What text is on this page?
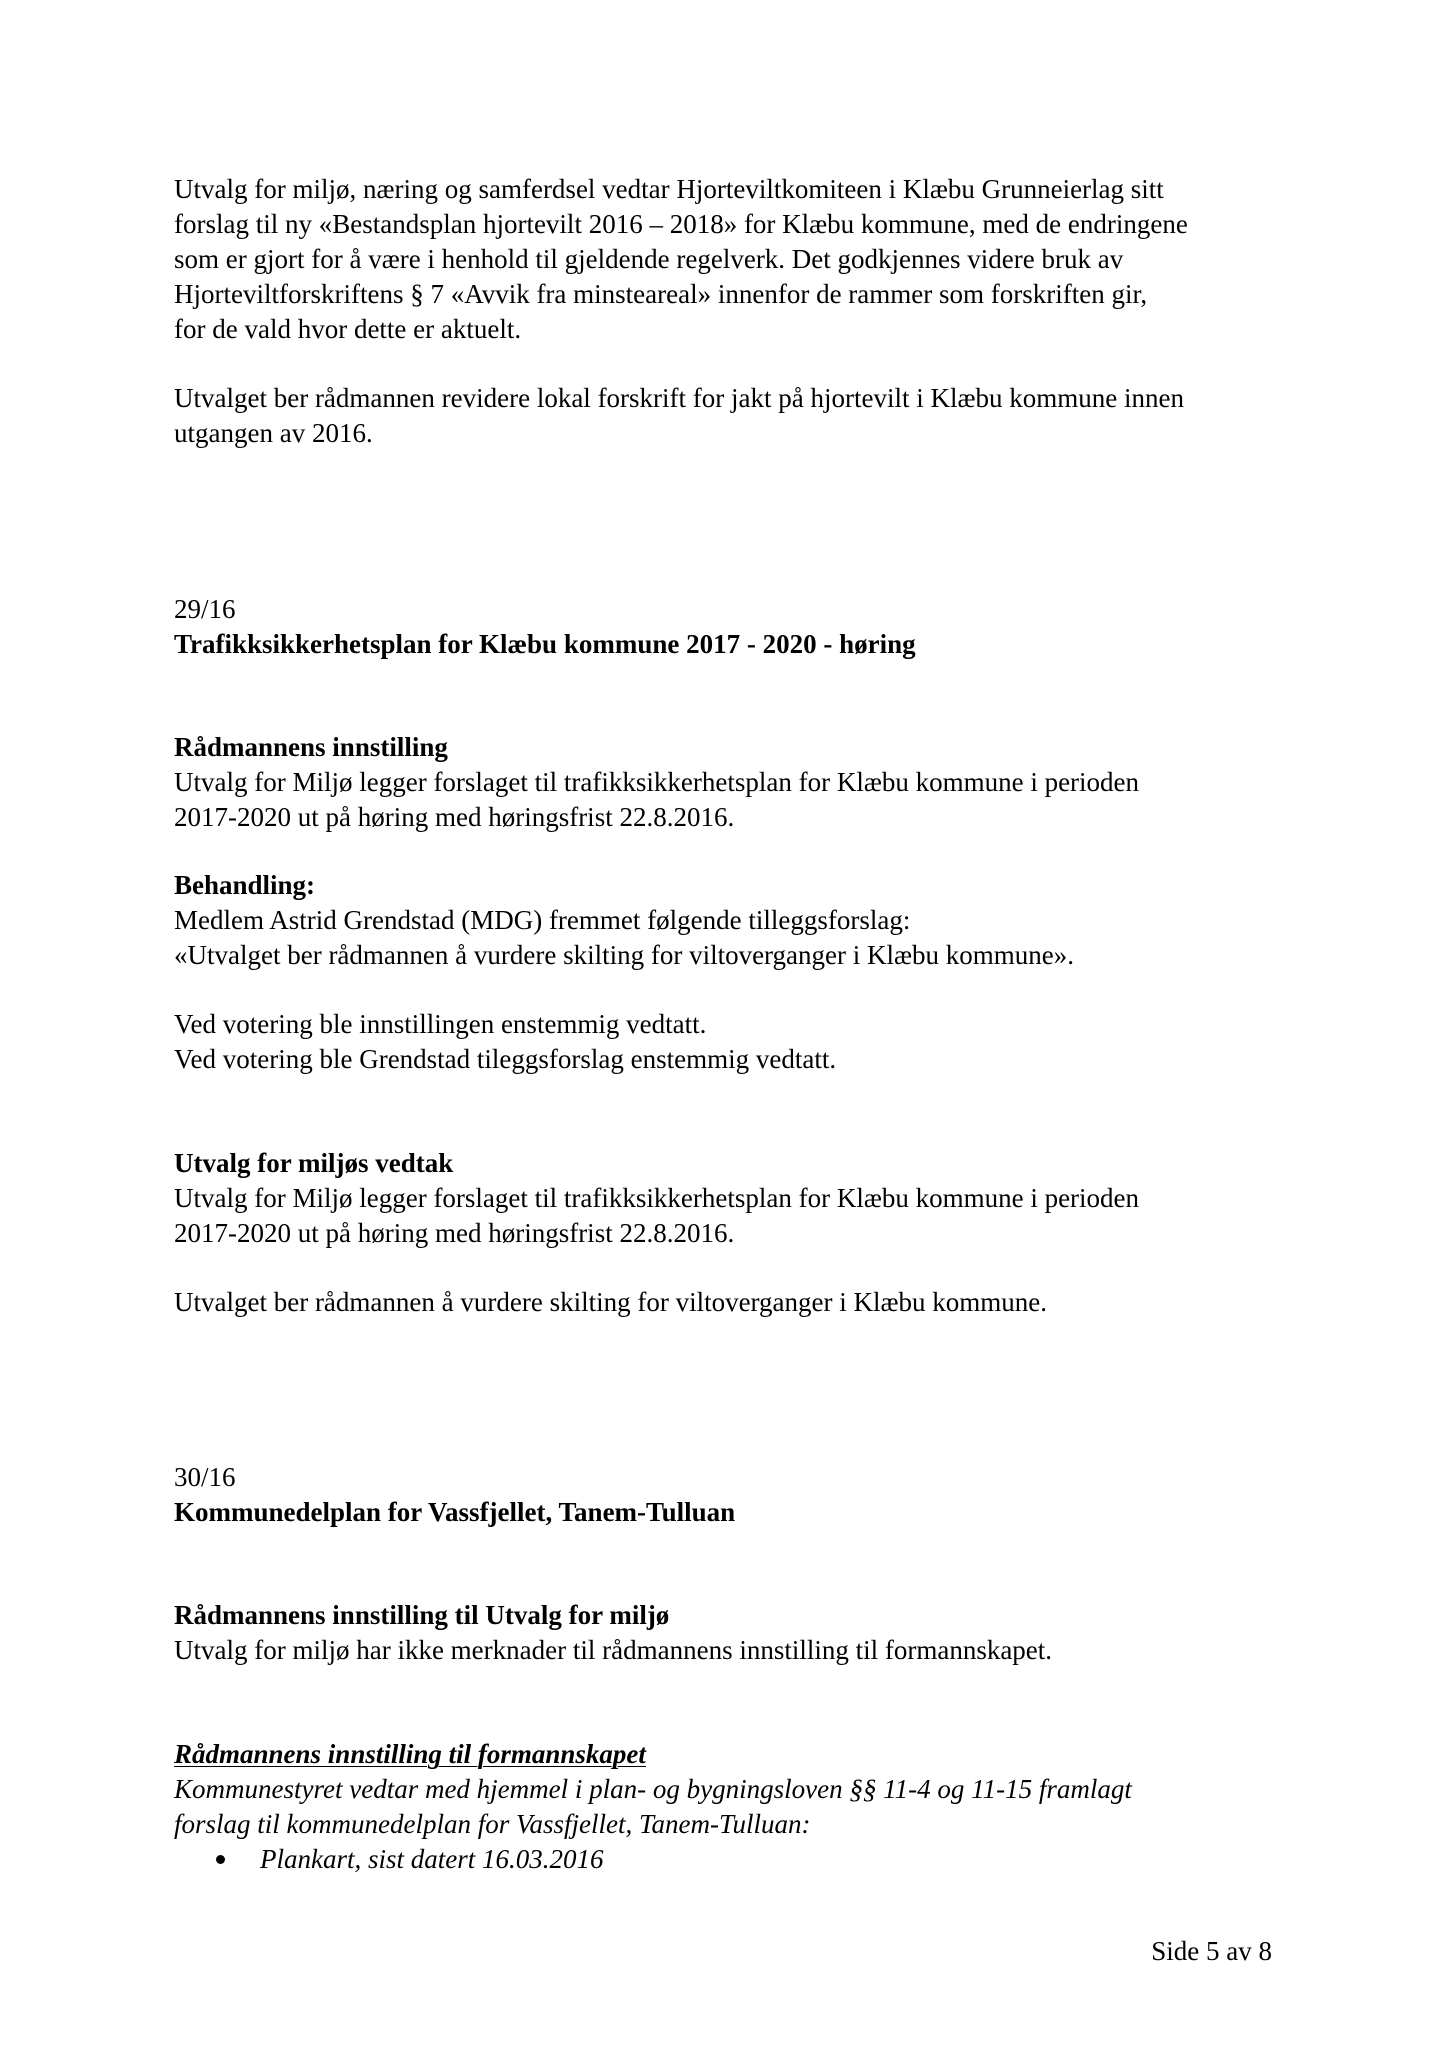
Utvalg for miljø, næring og samferdsel vedtar Hjorteviltkomiteen i Klæbu Grunneierlag sitt
forslag til ny «Bestandsplan hjortevilt 2016 – 2018» for Klæbu kommune, med de endringene
som er gjort for å være i henhold til gjeldende regelverk. Det godkjennes videre bruk av
Hjorteviltforskriftens § 7 «Avvik fra minsteareal» innenfor de rammer som forskriften gir,
for de vald hvor dette er aktuelt.
Utvalget ber rådmannen revidere lokal forskrift for jakt på hjortevilt i Klæbu kommune innen
utgangen av 2016.
29/16
Trafikksikkerhetsplan for Klæbu kommune 2017 - 2020 - høring
Rådmannens innstilling
Utvalg for Miljø legger forslaget til trafikksikkerhetsplan for Klæbu kommune i perioden
2017-2020 ut på høring med høringsfrist 22.8.2016.
Behandling:
Medlem Astrid Grendstad (MDG) fremmet følgende tilleggsforslag:
«Utvalget ber rådmannen å vurdere skilting for viltoverganger i Klæbu kommune».
Ved votering ble innstillingen enstemmig vedtatt.
Ved votering ble Grendstad tileggsforslag enstemmig vedtatt.
Utvalg for miljøs vedtak
Utvalg for Miljø legger forslaget til trafikksikkerhetsplan for Klæbu kommune i perioden
2017-2020 ut på høring med høringsfrist 22.8.2016.
Utvalget ber rådmannen å vurdere skilting for viltoverganger i Klæbu kommune.
30/16
Kommunedelplan for Vassfjellet, Tanem-Tulluan
Rådmannens innstilling til Utvalg for miljø
Utvalg for miljø har ikke merknader til rådmannens innstilling til formannskapet.
Rådmannens innstilling til formannskapet
Kommunestyret vedtar med hjemmel i plan- og bygningsloven §§ 11-4 og 11-15 framlagt
forslag til kommunedelplan for Vassfjellet, Tanem-Tulluan:
Plankart, sist datert 16.03.2016
Side 5 av 8
